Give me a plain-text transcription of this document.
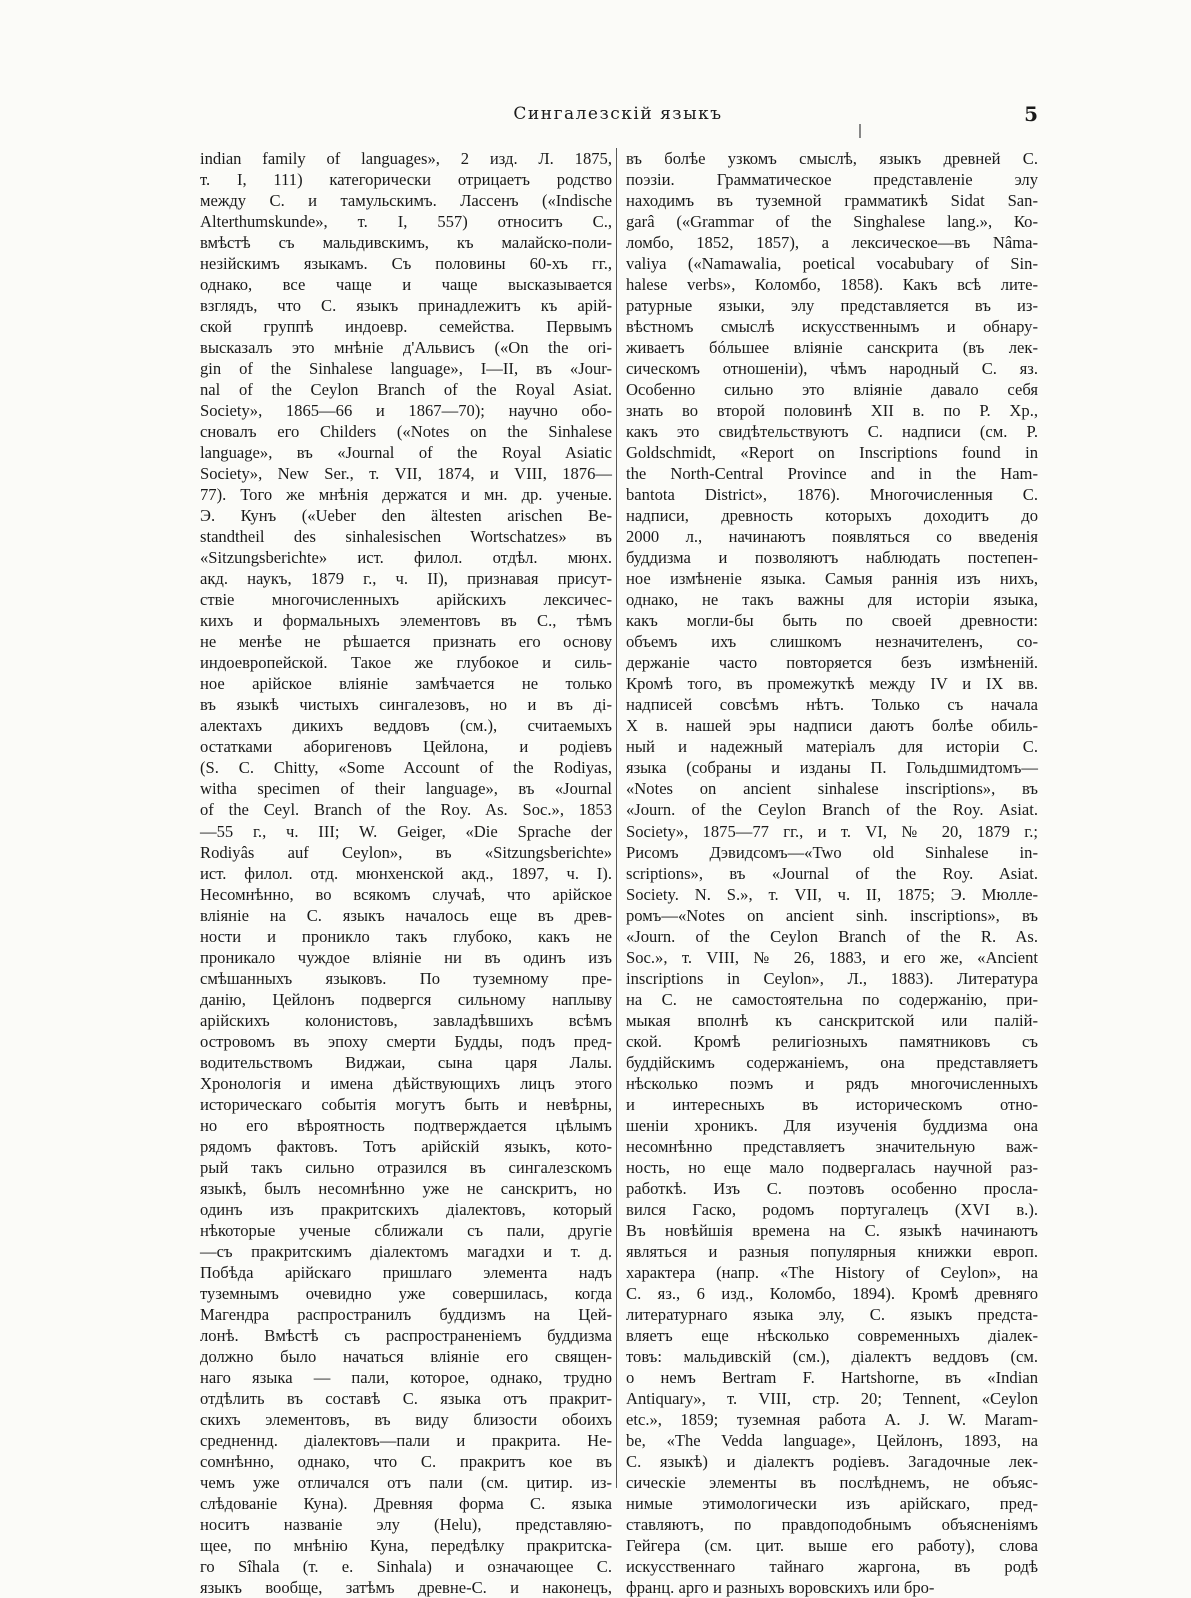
Сингалезскій языкъ	5
indian family of languages», 2 изд. Л. 1875,
т. I, 111) категорически отрицаетъ родство
между С. и тамульскимъ. Лассенъ («Indische
Alterthumskunde», т. I, 557) относитъ С.,
вмѣстѣ съ мальдивскимъ, къ малайско-поли-
незійскимъ языкамъ. Съ половины 60-хъ гг.,
однако, все чаще и чаще высказывается
взглядъ, что С. языкъ принадлежитъ къ арій-
ской группѣ индоевр. семейства. Первымъ
высказалъ это мнѣніе д'Альвисъ («On the ori-
gin of the Sinhalese language», I—II, въ «Jour-
nal of the Ceylon Branch of the Royal Asiat.
Society», 1865—66 и 1867—70); научно обо-
сновалъ его Childers («Notes on the Sinhalese
language», въ «Journal of the Royal Asiatic
Society», New Ser., т. VII, 1874, и VIII, 1876—
77). Того же мнѣнія держатся и мн. др. ученые.
Э. Кунъ («Ueber den ältesten arischen Be-
standtheil des sinhalesischen Wortschatzes» въ
«Sitzungsberichte» ист. филол. отдѣл. мюнх.
акд. наукъ, 1879 г., ч. II), признавая присут-
ствіе многочисленныхъ арійскихъ лексичес-
кихъ и формальныхъ элементовъ въ С., тѣмъ
не менѣе не рѣшается признать его основу
индоевропейской. Такое же глубокое и силь-
ное арійское вліяніе замѣчается не только
въ языкѣ чистыхъ сингалезовъ, но и въ ді-
алектахъ дикихъ веддовъ (см.), считаемыхъ
остатками аборигеновъ Цейлона, и родіевъ
(S. C. Chitty, «Some Account of the Rodiyas,
witha specimen of their language», въ «Journal
of the Ceyl. Branch of the Roy. As. Soc.», 1853
—55 г., ч. III; W. Geiger, «Die Sprache der
Rodiyâs auf Ceylon», въ «Sitzungsberichte»
ист. филол. отд. мюнхенской акд., 1897, ч. I).
Несомнѣнно, во всякомъ случаѣ, что арійское
вліяніе на С. языкъ началось еще въ древ-
ности и проникло такъ глубоко, какъ не
проникало чуждое вліяніе ни въ одинъ изъ
смѣшанныхъ языковъ. По туземному пре-
данію, Цейлонъ подвергся сильному наплыву
арійскихъ колонистовъ, завладѣвшихъ всѣмъ
островомъ въ эпоху смерти Будды, подъ пред-
водительствомъ Виджаи, сына царя Лалы.
Хронологія и имена дѣйствующихъ лицъ этого
историческаго событія могутъ быть и невѣрны,
но его вѣроятность подтверждается цѣлымъ
рядомъ фактовъ. Тотъ арійскій языкъ, кото-
рый такъ сильно отразился въ сингалезскомъ
языкѣ, былъ несомнѣнно уже не санскритъ, но
одинъ изъ пракритскихъ діалектовъ, который
нѣкоторые ученые сближали съ пали, другіе
—съ пракритскимъ діалектомъ магадхи и т. д.
Побѣда арійскаго пришлаго элемента надъ
туземнымъ очевидно уже совершилась, когда
Магендра распространилъ буддизмъ на Цей-
лонѣ. Вмѣстѣ съ распространеніемъ буддизма
должно было начаться вліяніе его священ-
наго языка — пали, которое, однако, трудно
отдѣлить въ составѣ С. языка отъ пракрит-
скихъ элементовъ, въ виду близости обоихъ
средненнд. діалектовъ—пали и пракрита. Не-
сомнѣнно, однако, что С. пракритъ кое въ
чемъ уже отличался отъ пали (см. цитир. из-
слѣдованіе Куна). Древняя форма С. языка
носитъ названіе элу (Helu), представляю-
щее, по мнѣнію Куна, передѣлку пракритска-
го Sîhala (т. е. Sinhala) и означающее С.
языкъ вообще, затѣмъ древне-С. и наконецъ,
въ болѣе узкомъ смыслѣ, языкъ древней С.
поэзіи. Грамматическое представленіе элу
находимъ въ туземной грамматикѣ Sidat San-
garâ («Grammar of the Singhalese lang.», Ко-
ломбо, 1852, 1857), а лексическое—въ Nâma-
valiya («Namawalia, poetical vocabubary of Sin-
halese verbs», Коломбо, 1858). Какъ всѣ лите-
ратурные языки, элу представляется въ из-
вѣстномъ смыслѣ искусственнымъ и обнару-
живаетъ бóльшее вліяніе санскрита (въ лек-
сическомъ отношеніи), чѣмъ народный С. яз.
Особенно сильно это вліяніе давало себя
знать во второй половинѣ XII в. по Р. Хр.,
какъ это свидѣтельствуютъ С. надписи (см. P.
Goldschmidt, «Report on Inscriptions found in
the North-Central Province and in the Ham-
bantota District», 1876). Многочисленныя С.
надписи, древность которыхъ доходитъ до
2000 л., начинаютъ появляться со введенія
буддизма и позволяютъ наблюдать постепен-
ное измѣненіе языка. Самыя раннія изъ нихъ,
однако, не такъ важны для исторіи языка,
какъ могли-бы быть по своей древности:
объемъ ихъ слишкомъ незначителенъ, со-
держаніе часто повторяется безъ измѣненій.
Кромѣ того, въ промежуткѣ между IV и IX вв.
надписей совсѣмъ нѣтъ. Только съ начала
X в. нашей эры надписи даютъ болѣе обиль-
ный и надежный матеріалъ для исторіи С.
языка (собраны и изданы П. Гольдшмидтомъ—
«Notes on ancient sinhalese inscriptions», въ
«Journ. of the Ceylon Branch of the Roy. Asiat.
Society», 1875—77 гг., и т. VI, № 20, 1879 г.;
Рисомъ Дэвидсомъ—«Two old Sinhalese in-
scriptions», въ «Journal of the Roy. Asiat.
Society. N. S.», т. VII, ч. II, 1875; Э. Мюлле-
ромъ—«Notes on ancient sinh. inscriptions», въ
«Journ. of the Ceylon Branch of the R. As.
Soc.», т. VIII, № 26, 1883, и его же, «Ancient
inscriptions in Ceylon», Л., 1883). Литература
на С. не самостоятельна по содержанію, при-
мыкая вполнѣ къ санскритской или палій-
ской. Кромѣ религіозныхъ памятниковъ съ
буддійскимъ содержаніемъ, она представляетъ
нѣсколько поэмъ и рядъ многочисленныхъ
и интересныхъ въ историческомъ отно-
шеніи хроникъ. Для изученія буддизма она
несомнѣнно представляетъ значительную важ-
ность, но еще мало подвергалась научной раз-
работкѣ. Изъ С. поэтовъ особенно просла-
вился Гаско, родомъ португалецъ (XVI в.).
Въ новѣйшія времена на С. языкѣ начинаютъ
являться и разныя популярныя книжки европ.
характера (напр. «The History of Ceylon», на
С. яз., 6 изд., Коломбо, 1894). Кромѣ древняго
литературнаго языка элу, С. языкъ предста-
вляетъ еще нѣсколько современныхъ діалек-
товъ: мальдивскій (см.), діалектъ веддовъ (см.
о немъ Bertram F. Hartshorne, въ «Indian
Antiquary», т. VIII, стр. 20; Tennent, «Ceylon
etc.», 1859; туземная работа A. J. W. Maram-
be, «The Vedda language», Цейлонъ, 1893, на
С. языкѣ) и діалектъ родіевъ. Загадочные лек-
сическіе элементы въ послѣднемъ, не объяс-
нимые этимологически изъ арійскаго, пред-
ставляютъ, по правдоподобнымъ объясненіямъ
Гейгера (см. цит. выше его работу), слова
искусственнаго тайнаго жаргона, въ родѣ
франц. арго и разныхъ воровскихъ или бро-
